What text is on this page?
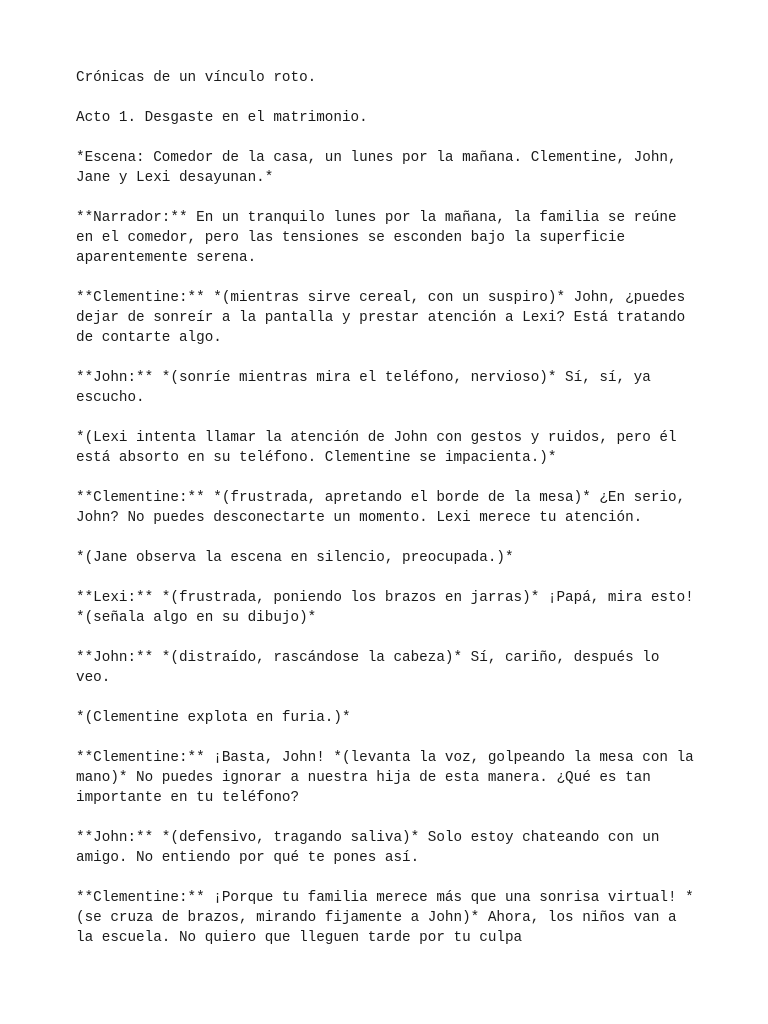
Crónicas de un vínculo roto.

Acto 1. Desgaste en el matrimonio.

*Escena: Comedor de la casa, un lunes por la mañana. Clementine, John, Jane y Lexi desayunan.*

**Narrador:** En un tranquilo lunes por la mañana, la familia se reúne en el comedor, pero las tensiones se esconden bajo la superficie aparentemente serena.

**Clementine:** *(mientras sirve cereal, con un suspiro)* John, ¿puedes dejar de sonreír a la pantalla y prestar atención a Lexi? Está tratando de contarte algo.

**John:** *(sonríe mientras mira el teléfono, nervioso)* Sí, sí, ya escucho.

*(Lexi intenta llamar la atención de John con gestos y ruidos, pero él está absorto en su teléfono. Clementine se impacienta.)*

**Clementine:** *(frustrada, apretando el borde de la mesa)* ¿En serio, John? No puedes desconectarte un momento. Lexi merece tu atención.

*(Jane observa la escena en silencio, preocupada.)*

**Lexi:** *(frustrada, poniendo los brazos en jarras)* ¡Papá, mira esto! *(señala algo en su dibujo)*

**John:** *(distraído, rascándose la cabeza)* Sí, cariño, después lo veo.

*(Clementine explota en furia.)*

**Clementine:** ¡Basta, John! *(levanta la voz, golpeando la mesa con la mano)* No puedes ignorar a nuestra hija de esta manera. ¿Qué es tan importante en tu teléfono?

**John:** *(defensivo, tragando saliva)* Solo estoy chateando con un amigo. No entiendo por qué te pones así.

**Clementine:** ¡Porque tu familia merece más que una sonrisa virtual! *(se cruza de brazos, mirando fijamente a John)* Ahora, los niños van a la escuela. No quiero que lleguen tarde por tu culpa
